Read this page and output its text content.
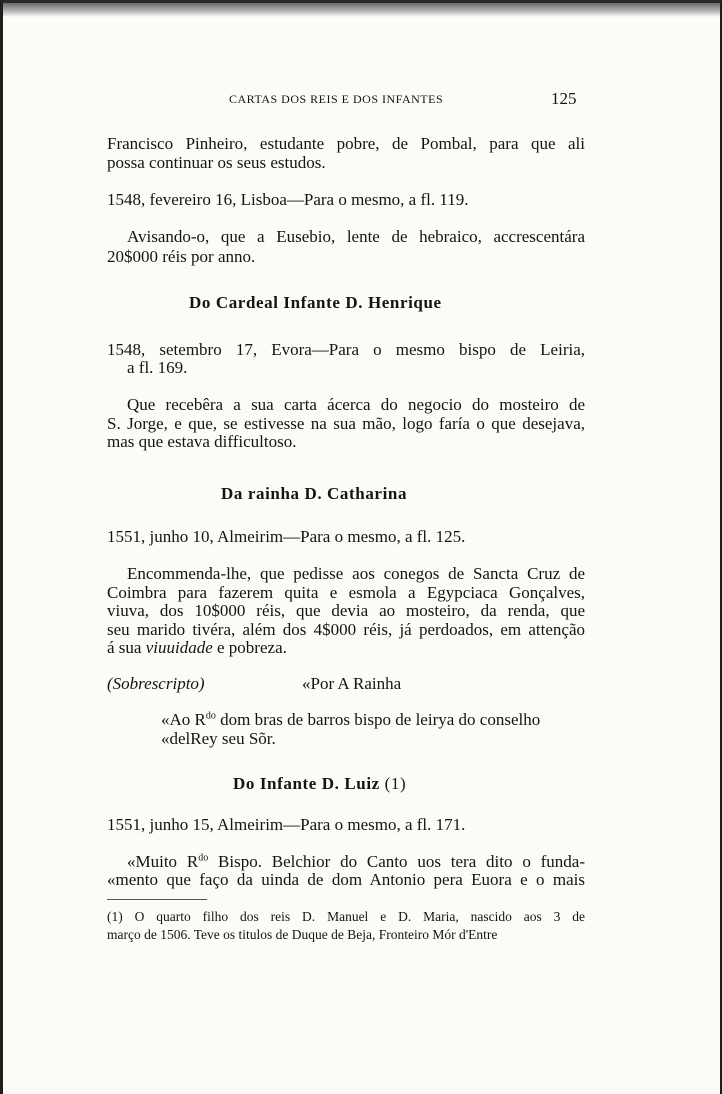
CARTAS DOS REIS E DOS INFANTES	125
Francisco Pinheiro, estudante pobre, de Pombal, para que ali
possa continuar os seus estudos.
1548, fevereiro 16, Lisboa—Para o mesmo, a fl. 119.
Avisando-o, que a Eusebio, lente de hebraico, accrescentára
20$000 réis por anno.
Do Cardeal Infante D. Henrique
1548, setembro 17, Evora—Para o mesmo bispo de Leiria,
a fl. 169.
Que recebêra a sua carta ácerca do negocio do mosteiro de
S. Jorge, e que, se estivesse na sua mão, logo faría o que desejava,
mas que estava difficultoso.
Da rainha D. Catharina
1551, junho 10, Almeirim—Para o mesmo, a fl. 125.
Encommenda-lhe, que pedisse aos conegos de Sancta Cruz de
Coimbra para fazerem quita e esmola a Egypciaca Gonçalves,
viuva, dos 10$000 réis, que devia ao mosteiro, da renda, que
seu marido tivéra, além dos 4$000 réis, já perdoados, em attenção
á sua viuuidade e pobreza.
(Sobrescripto)	«Por A Rainha
«Ao $R^{do}$ dom bras de barros bispo de leirya do conselho
«delRey seu Sõr.
Do Infante D. Luiz (1)
1551, junho 15, Almeirim—Para o mesmo, a fl. 171.
«Muito $R^{do}$ Bispo. Belchior do Canto uos tera dito o funda-
«mento que faço da uinda de dom Antonio pera Euora e o mais
(1) O quarto filho dos reis D. Manuel e D. Maria, nascido aos 3 de
março de 1506. Teve os titulos de Duque de Beja, Fronteiro Mór d'Entre
